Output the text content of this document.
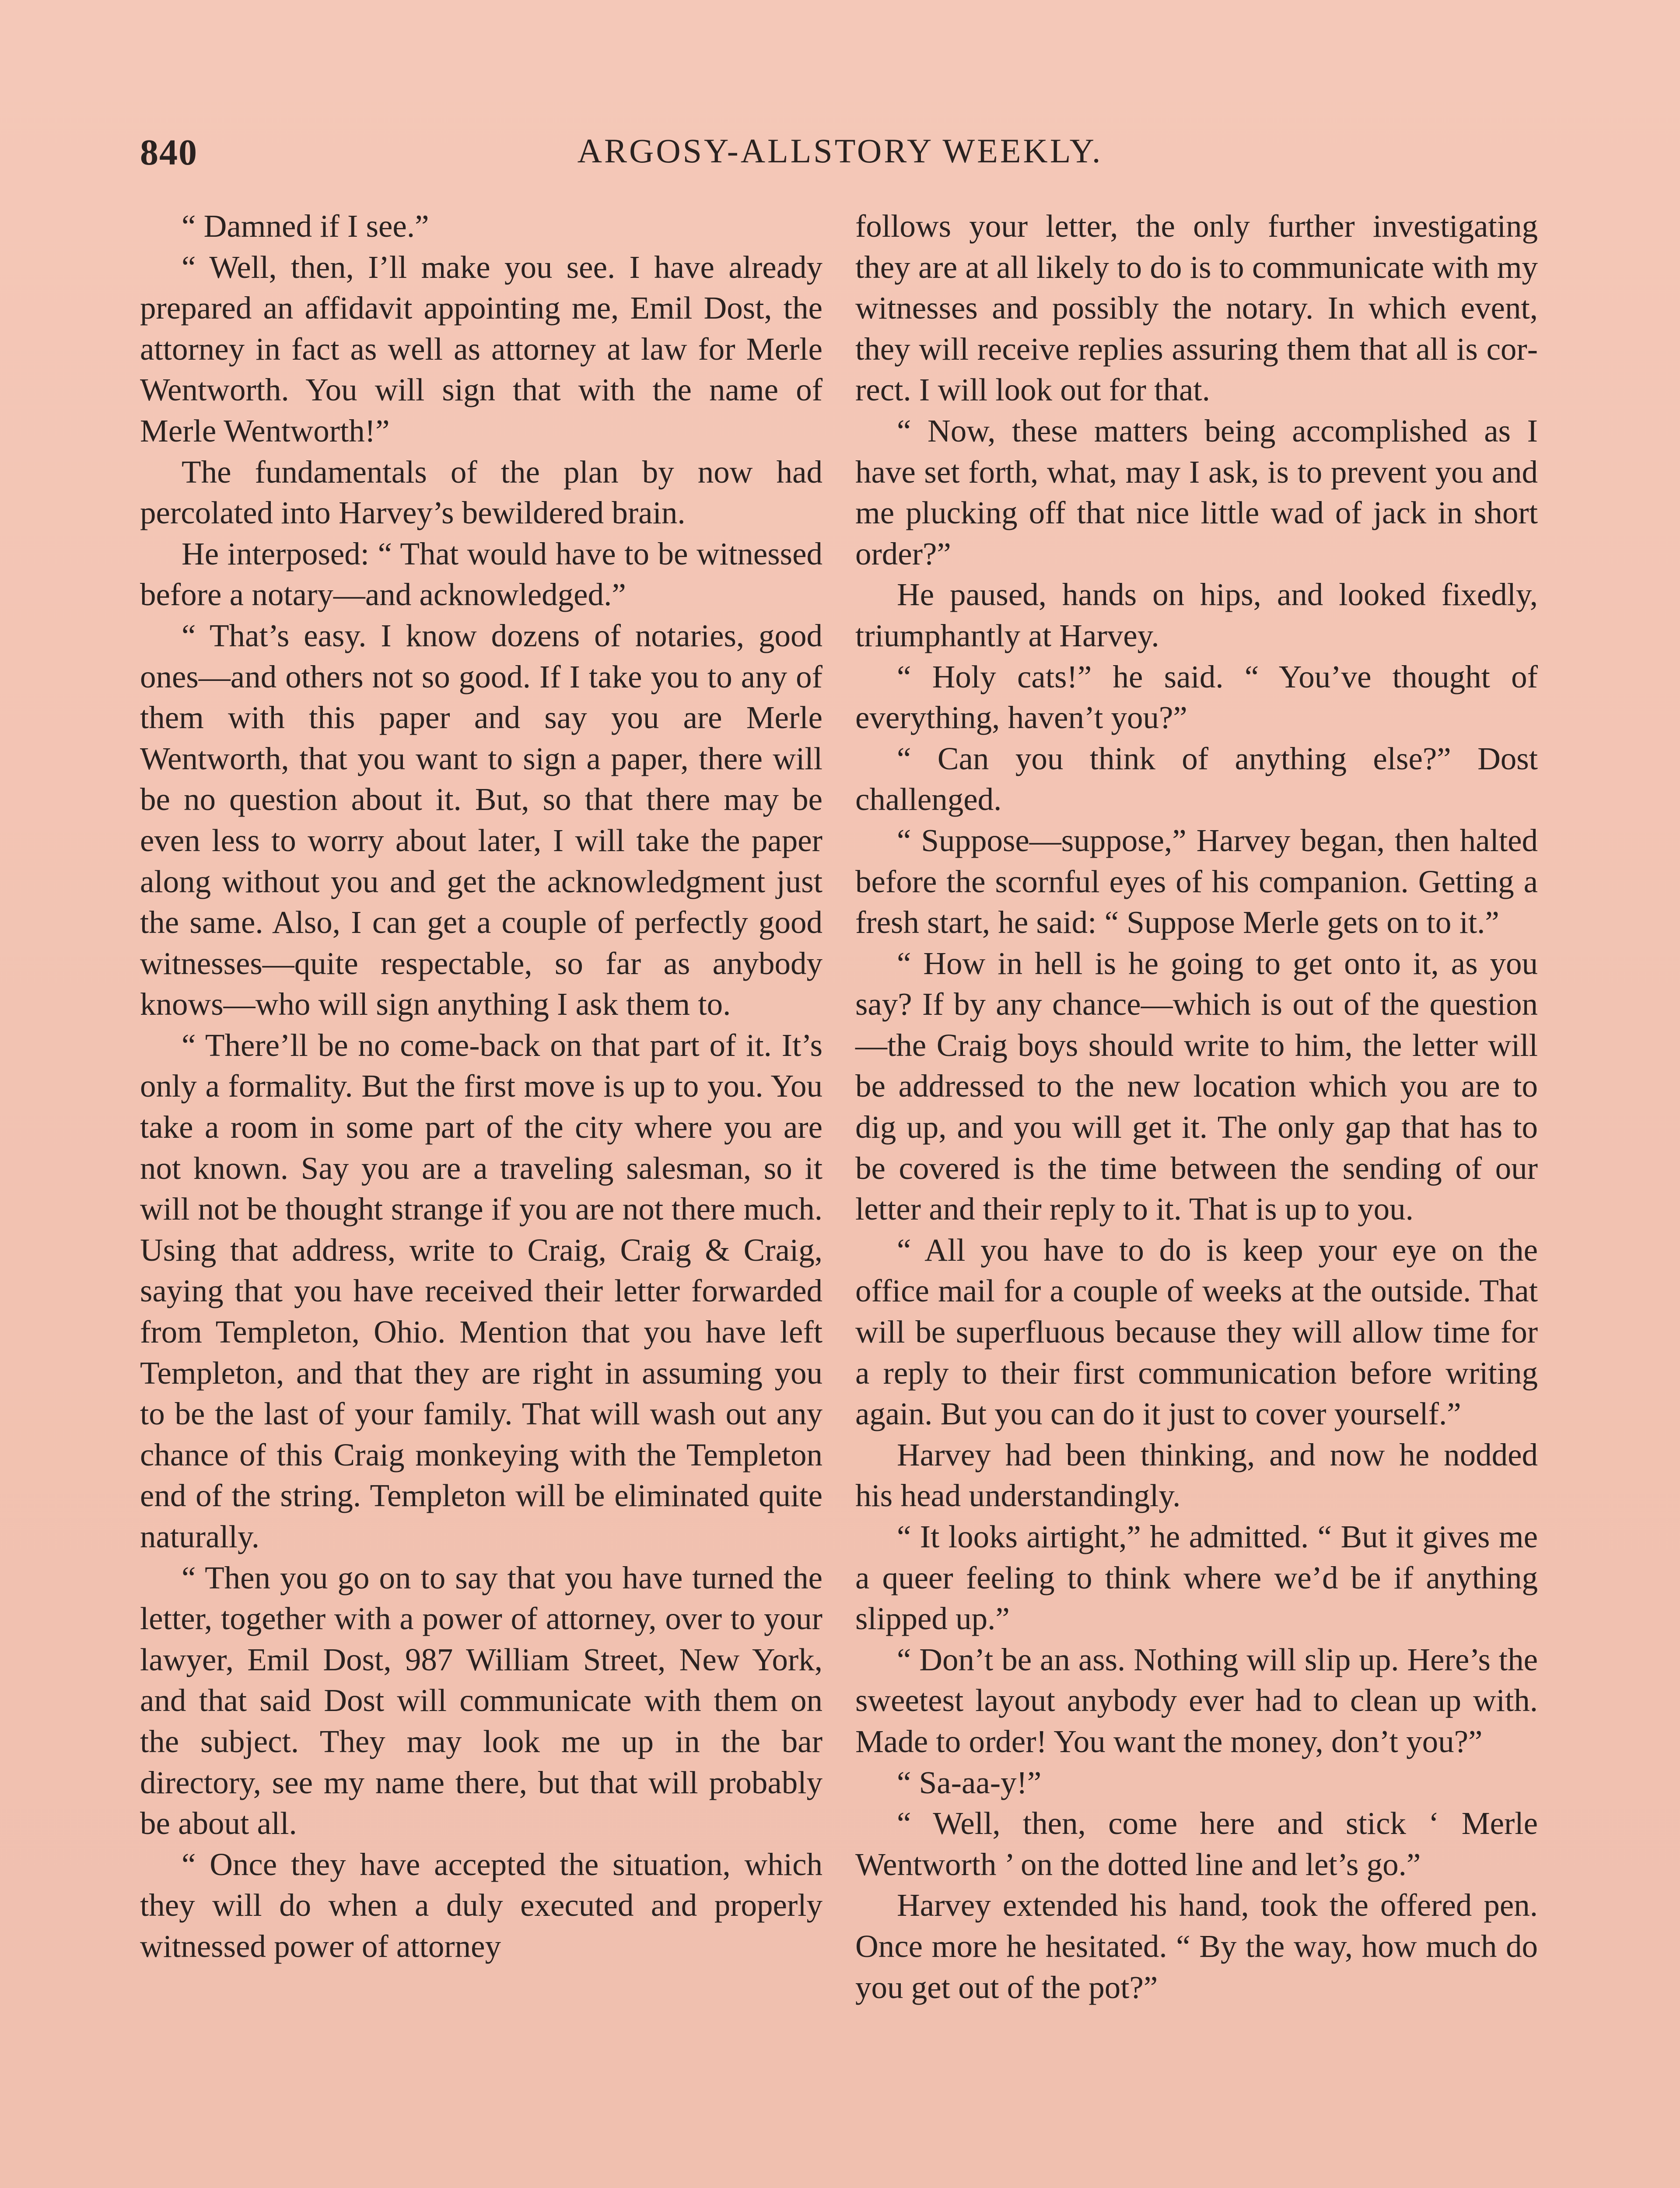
840	ARGOSY-ALLSTORY WEEKLY.

“ Damned if I see.”

“ Well, then, I’ll make you see. I have already prepared an affidavit appointing me, Emil Dost, the attorney in fact as well as attorney at law for Merle Wentworth. You will sign that with the name of Merle Wentworth!”

The fundamentals of the plan by now had percolated into Harvey’s bewildered brain.

He interposed: “ That would have to be witnessed before a notary—and acknowledged.”

“ That’s easy. I know dozens of notaries, good ones—and others not so good. If I take you to any of them with this paper and say you are Merle Wentworth, that you want to sign a paper, there will be no question about it. But, so that there may be even less to worry about later, I will take the paper along without you and get the acknowledgment just the same. Also, I can get a couple of perfectly good witnesses—quite respectable, so far as anybody knows—who will sign anything I ask them to.

“ There’ll be no come-back on that part of it. It’s only a formality. But the first move is up to you. You take a room in some part of the city where you are not known. Say you are a traveling salesman, so it will not be thought strange if you are not there much. Using that address, write to Craig, Craig & Craig, saying that you have received their letter forwarded from Templeton, Ohio. Mention that you have left Templeton, and that they are right in assuming you to be the last of your family. That will wash out any chance of this Craig monkeying with the Templeton end of the string. Templeton will be eliminated quite naturally.

“ Then you go on to say that you have turned the letter, together with a power of attorney, over to your lawyer, Emil Dost, 987 William Street, New York, and that said Dost will communicate with them on the subject. They may look me up in the bar directory, see my name there, but that will probably be about all.

“ Once they have accepted the situation, which they will do when a duly executed and properly witnessed power of attorney

follows your letter, the only further investigating they are at all likely to do is to communicate with my witnesses and possibly the notary. In which event, they will receive replies assuring them that all is correct. I will look out for that.

“ Now, these matters being accomplished as I have set forth, what, may I ask, is to prevent you and me plucking off that nice little wad of jack in short order?”

He paused, hands on hips, and looked fixedly, triumphantly at Harvey.

“ Holy cats!” he said. “ You’ve thought of everything, haven’t you?”

“ Can you think of anything else?” Dost challenged.

“ Suppose—suppose,” Harvey began, then halted before the scornful eyes of his companion. Getting a fresh start, he said: “ Suppose Merle gets on to it.”

“ How in hell is he going to get onto it, as you say? If by any chance—which is out of the question—the Craig boys should write to him, the letter will be addressed to the new location which you are to dig up, and you will get it. The only gap that has to be covered is the time between the sending of our letter and their reply to it. That is up to you.

“ All you have to do is keep your eye on the office mail for a couple of weeks at the outside. That will be superfluous because they will allow time for a reply to their first communication before writing again. But you can do it just to cover yourself.”

Harvey had been thinking, and now he nodded his head understandingly.

“ It looks airtight,” he admitted. “ But it gives me a queer feeling to think where we’d be if anything slipped up.”

“ Don’t be an ass. Nothing will slip up. Here’s the sweetest layout anybody ever had to clean up with. Made to order! You want the money, don’t you?”

“ Sa-aa-y!”

“ Well, then, come here and stick ‘ Merle Wentworth ’ on the dotted line and let’s go.”

Harvey extended his hand, took the offered pen. Once more he hesitated. “ By the way, how much do you get out of the pot?”
